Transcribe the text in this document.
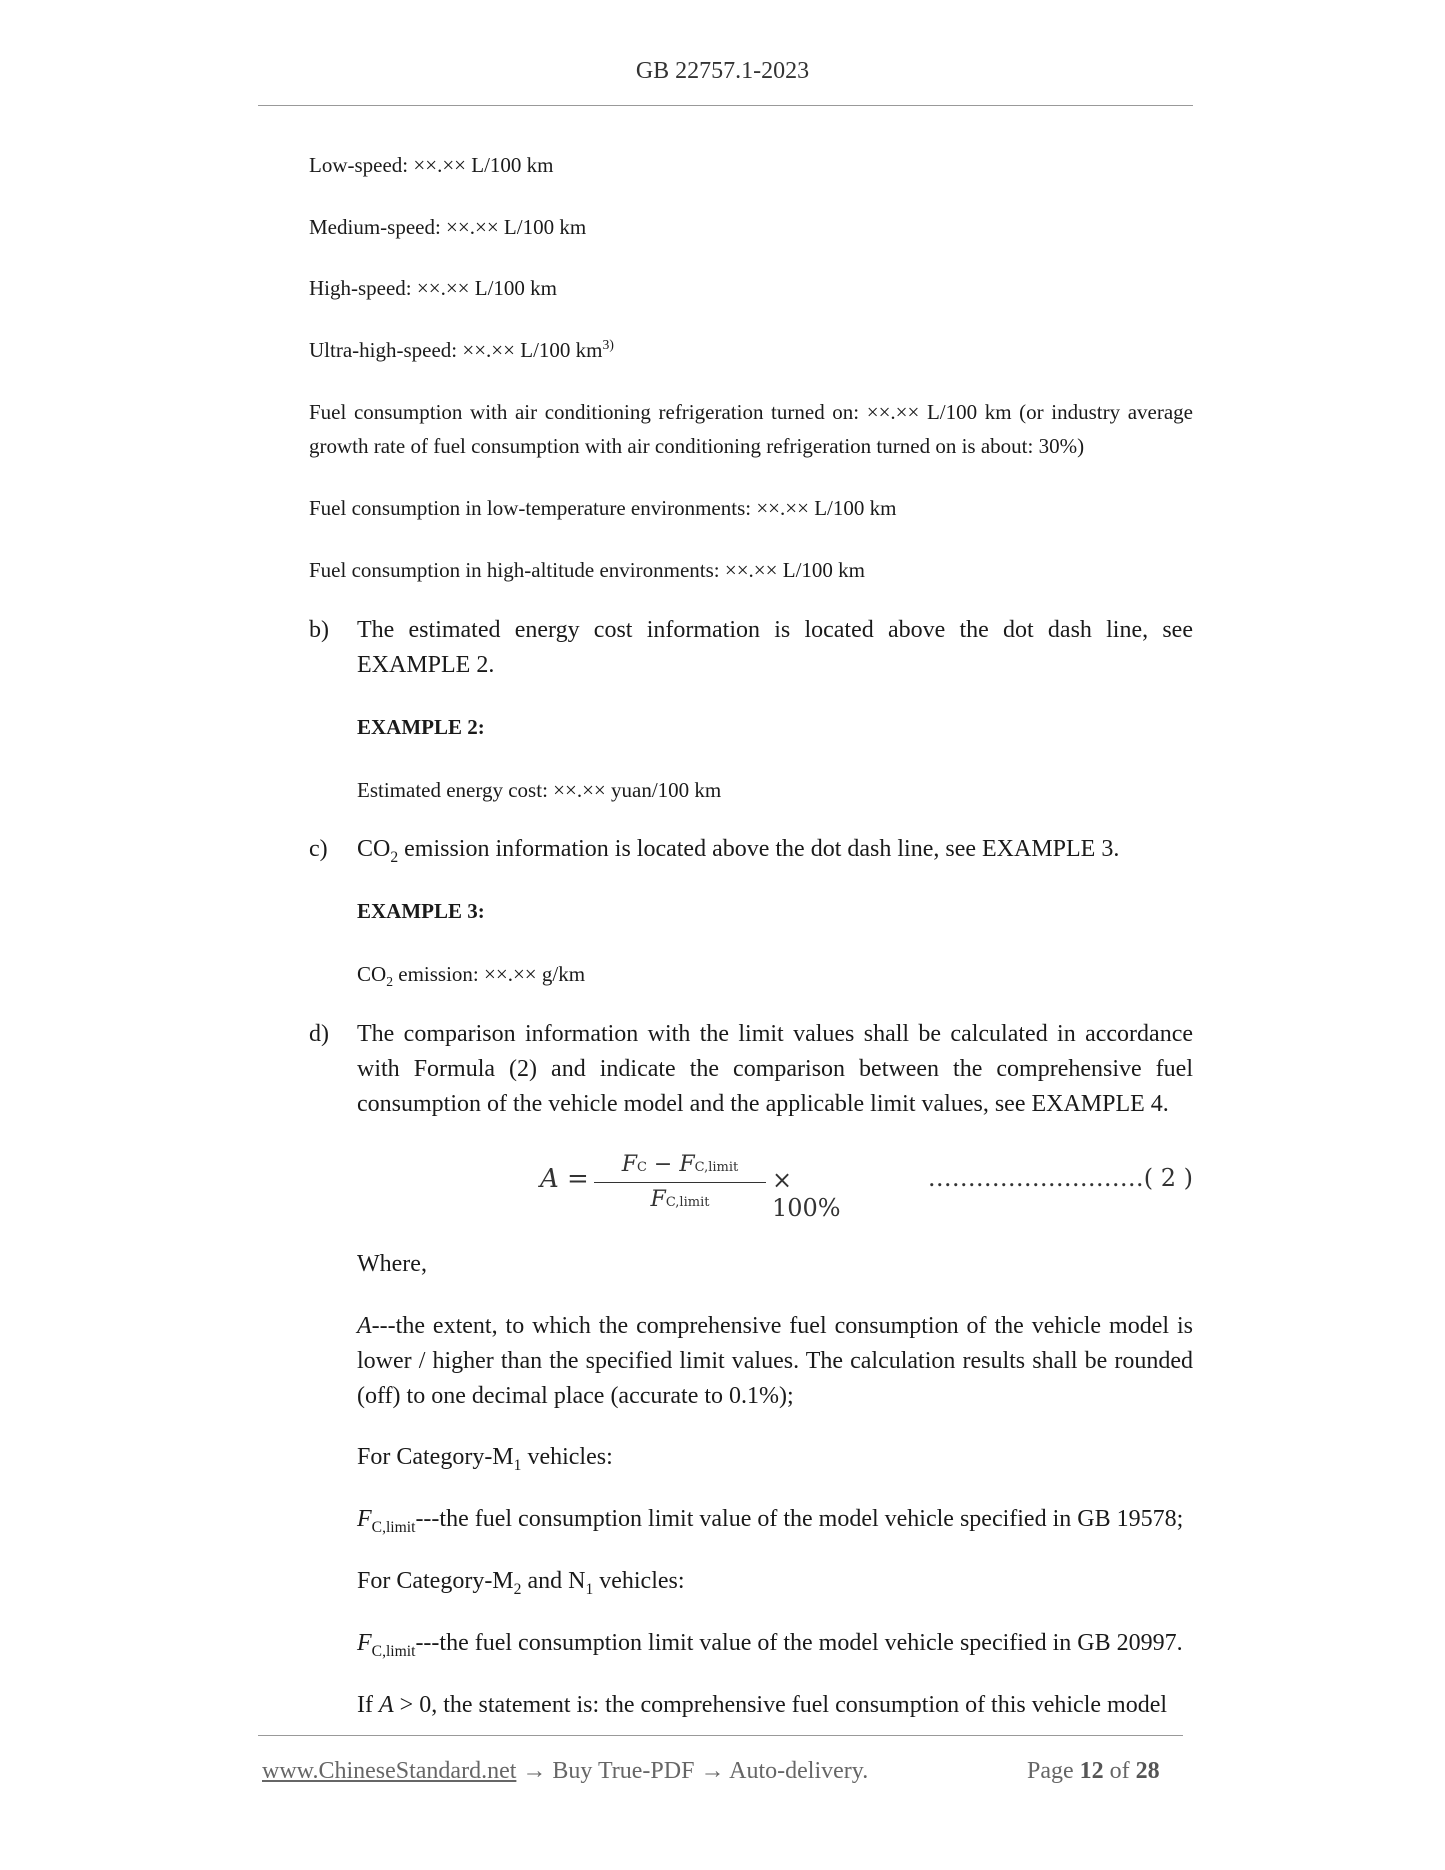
GB 22757.1-2023
Low-speed: ××.×× L/100 km
Medium-speed: ××.×× L/100 km
High-speed: ××.×× L/100 km
Ultra-high-speed: ××.×× L/100 $km^{3)}$
Fuel consumption with air conditioning refrigeration turned on: ××.×× L/100 km (or industry average growth rate of fuel consumption with air conditioning refrigeration turned on is about: 30%)
Fuel consumption in low-temperature environments: ××.×× L/100 km
Fuel consumption in high-altitude environments: ××.×× L/100 km
b) The estimated energy cost information is located above the dot dash line, see EXAMPLE 2.
EXAMPLE 2:
Estimated energy cost: ××.×× yuan/100 km
c) $CO_2$ emission information is located above the dot dash line, see EXAMPLE 3.
EXAMPLE 3:
$CO_2$ emission: ××.×× g/km
d) The comparison information with the limit values shall be calculated in accordance with Formula (2) and indicate the comparison between the comprehensive fuel consumption of the vehicle model and the applicable limit values, see EXAMPLE 4.
A =	FC − FC,limit
FC,limit
× 100%
………………………( 2 )
Where,
A---the extent, to which the comprehensive fuel consumption of the vehicle model is lower / higher than the specified limit values. The calculation results shall be rounded (off) to one decimal place (accurate to 0.1%);
For Category-$M_1$ vehicles:
$F_{C,limit}--$-the fuel consumption limit value of the model vehicle specified in GB 19578;
For Category-$M_2$ and $N_1$ vehicles:
$F_{C,limit}--$-the fuel consumption limit value of the model vehicle specified in GB 20997.
If A > 0, the statement is: the comprehensive fuel consumption of this vehicle model
www.ChineseStandard.net → Buy True-PDF → Auto-delivery.	Page 12 of 28
